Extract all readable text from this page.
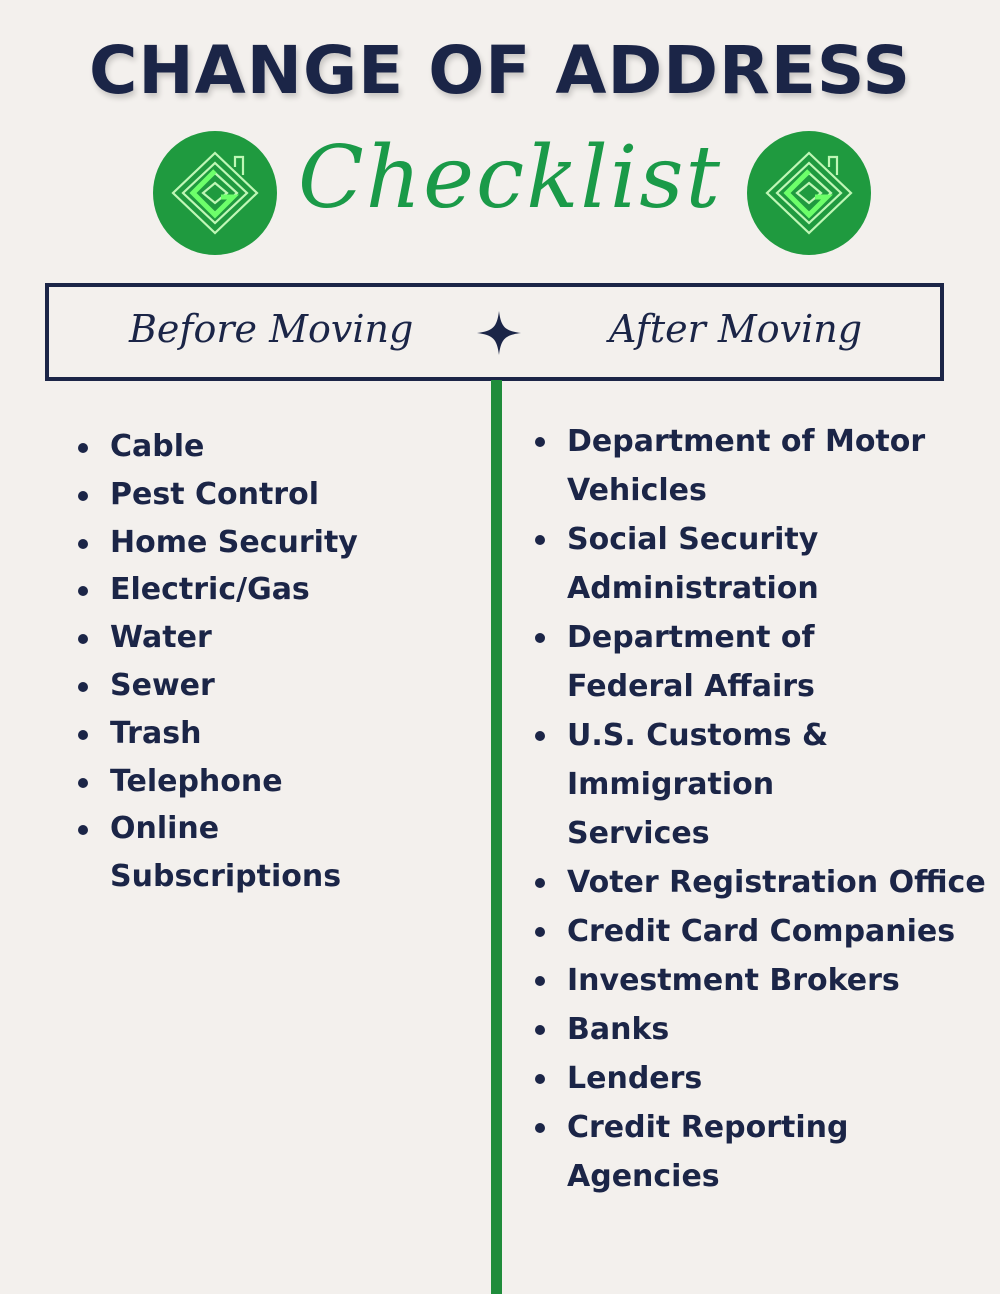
CHANGE OF ADDRESS
Checklist
Before Moving	After Moving
Cable
Pest Control
Home Security
Electric/Gas
Water
Sewer
Trash
Telephone
Online Subscriptions
Department of Motor Vehicles
Social Security Administration
Department of Federal Affairs
U.S. Customs & Immigration Services
Voter Registration Office
Credit Card Companies
Investment Brokers
Banks
Lenders
Credit Reporting Agencies
